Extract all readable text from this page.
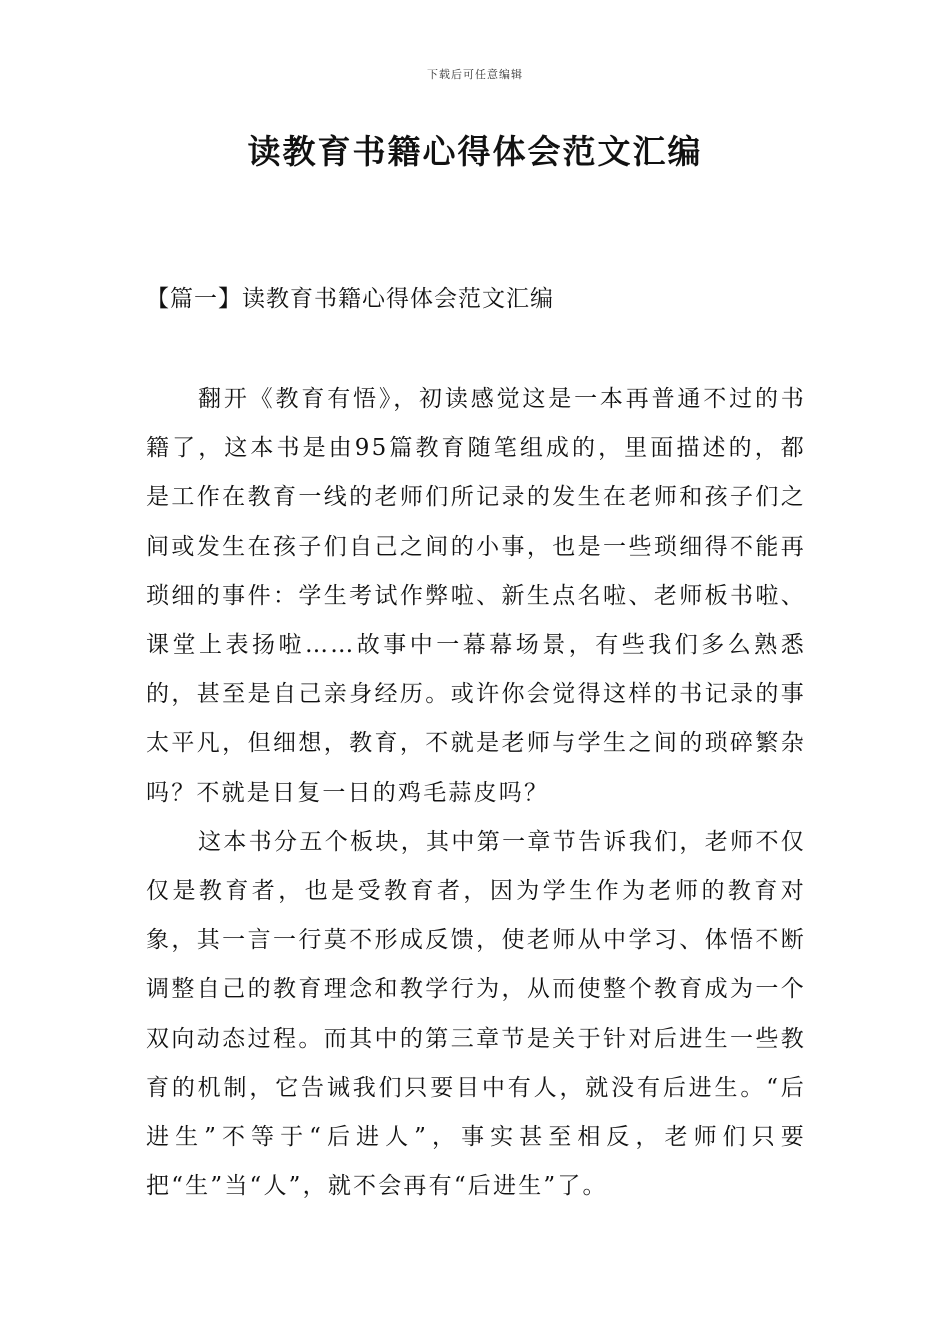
下载后可任意编辑
读教育书籍心得体会范文汇编
【篇一】读教育书籍心得体会范文汇编

翻开《教育有悟》，初读感觉这是一本再普通不过的书籍了，这本书是由95篇教育随笔组成的，里面描述的，都是工作在教育一线的老师们所记录的发生在老师和孩子们之间或发生在孩子们自己之间的小事，也是一些琐细得不能再琐细的事件：学生考试作弊啦、新生点名啦、老师板书啦、课堂上表扬啦……故事中一幕幕场景，有些我们多么熟悉的，甚至是自己亲身经历。或许你会觉得这样的书记录的事太平凡，但细想，教育，不就是老师与学生之间的琐碎繁杂吗？不就是日复一日的鸡毛蒜皮吗？

这本书分五个板块，其中第一章节告诉我们，老师不仅仅是教育者，也是受教育者，因为学生作为老师的教育对象，其一言一行莫不形成反馈，使老师从中学习、体悟不断调整自己的教育理念和教学行为，从而使整个教育成为一个双向动态过程。而其中的第三章节是关于针对后进生一些教育的机制，它告诫我们只要目中有人，就没有后进生。“后进生”不等于“后进人”，事实甚至相反，老师们只要把“生”当“人”，就不会再有“后进生”了。
